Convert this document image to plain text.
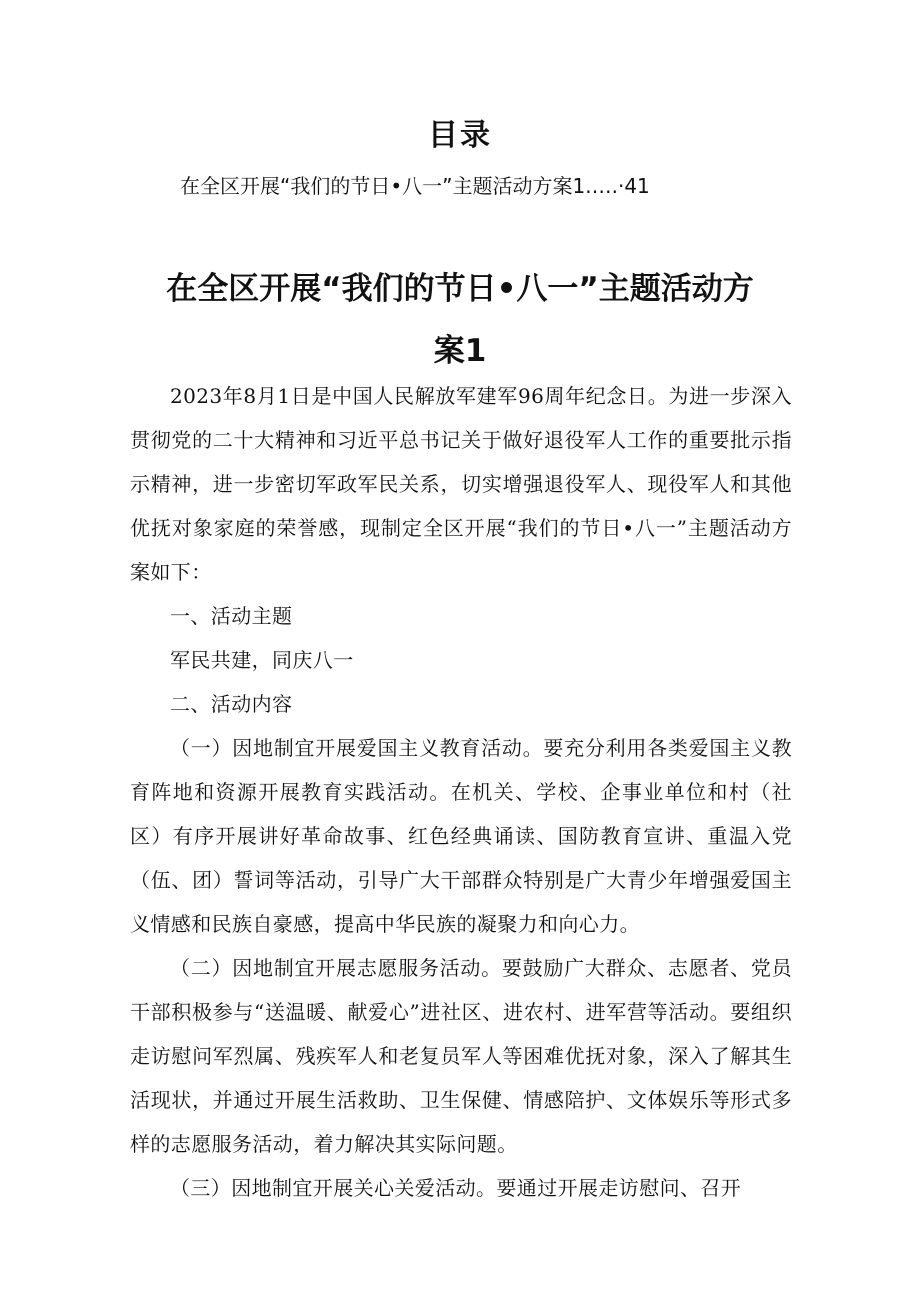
目录
在全区开展“我们的节日•八一”主题活动方案1.….·41
在全区开展“我们的节日•八一”主题活动方
案1

2023年8月1日是中国人民解放军建军96周年纪念日。为进一步深入贯彻党的二十大精神和习近平总书记关于做好退役军人工作的重要批示指示精神，进一步密切军政军民关系，切实增强退役军人、现役军人和其他优抚对象家庭的荣誉感，现制定全区开展“我们的节日•八一”主题活动方案如下：

一、活动主题

军民共建，同庆八一

二、活动内容

（一）因地制宜开展爱国主义教育活动。要充分利用各类爱国主义教育阵地和资源开展教育实践活动。在机关、学校、企事业单位和村（社区）有序开展讲好革命故事、红色经典诵读、国防教育宣讲、重温入党（伍、团）誓词等活动，引导广大干部群众特别是广大青少年增强爱国主义情感和民族自豪感，提高中华民族的凝聚力和向心力。

（二）因地制宜开展志愿服务活动。要鼓励广大群众、志愿者、党员干部积极参与“送温暖、献爱心”进社区、进农村、进军营等活动。要组织走访慰问军烈属、残疾军人和老复员军人等困难优抚对象，深入了解其生活现状，并通过开展生活救助、卫生保健、情感陪护、文体娱乐等形式多样的志愿服务活动，着力解决其实际问题。

（三）因地制宜开展关心关爱活动。要通过开展走访慰问、召开
